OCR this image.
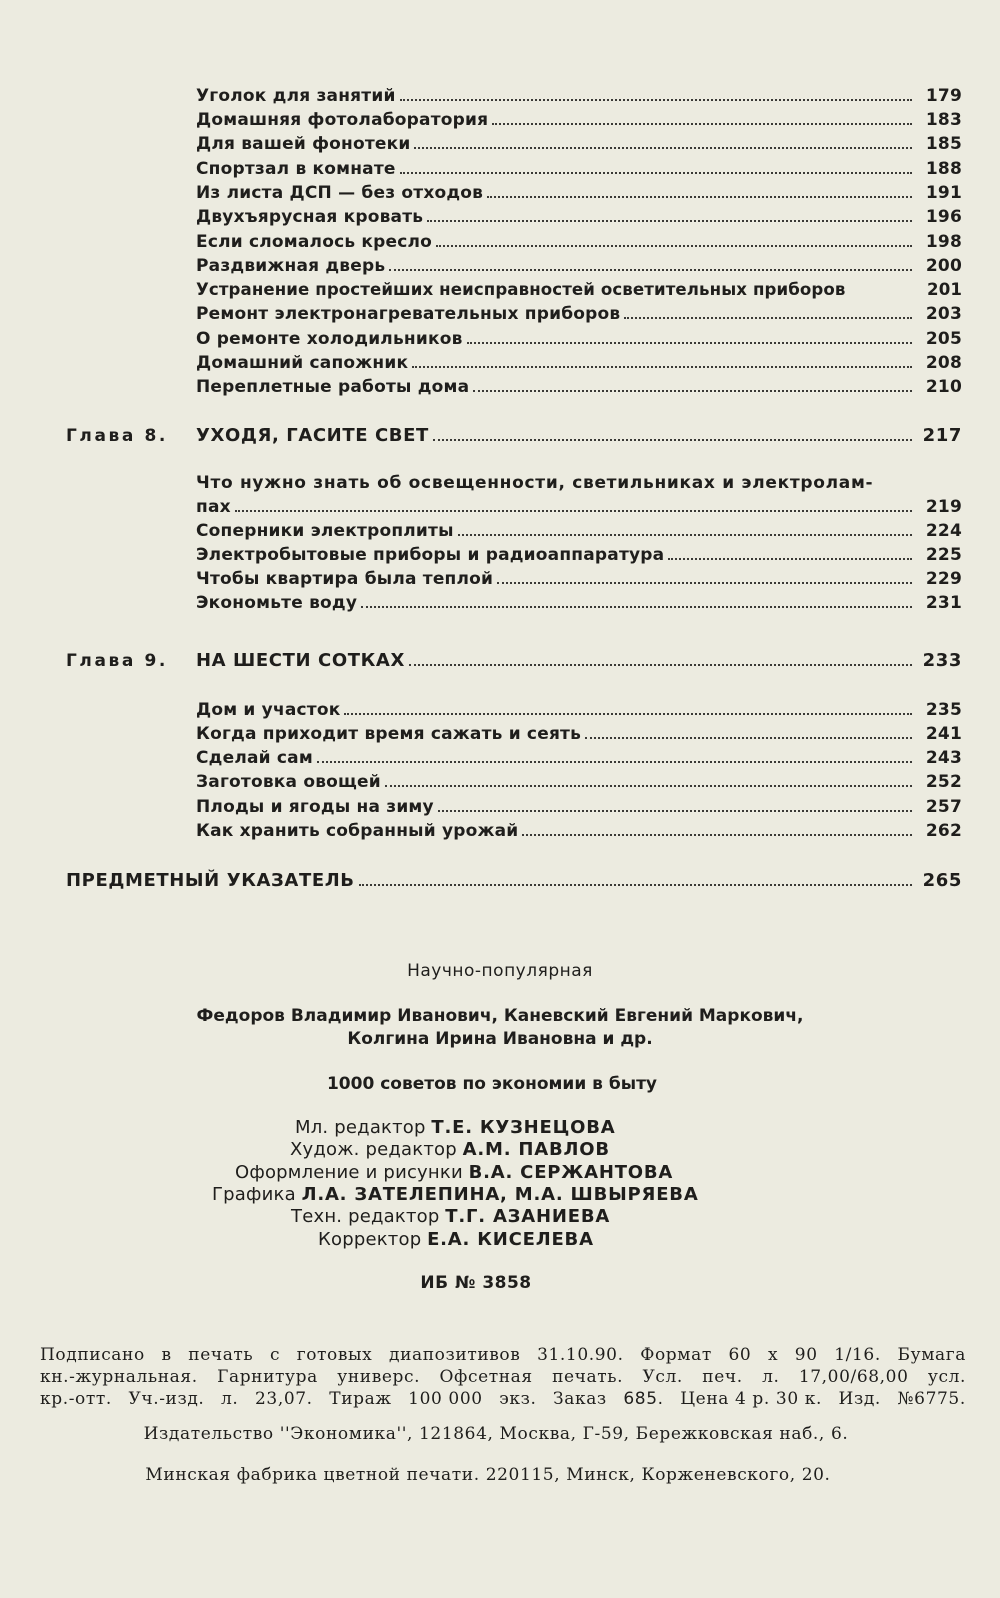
Уголок для занятий	179
Домашняя фотолаборатория	183
Для вашей фонотеки	185
Спортзал в комнате	188
Из листа ДСП — без отходов	191
Двухъярусная кровать	196
Если сломалось кресло	198
Раздвижная дверь	200
Устранение простейших неисправностей осветительных приборов	201
Ремонт электронагревательных приборов	203
О ремонте холодильников	205
Домашний сапожник	208
Переплетные работы дома	210
Глава 8. УХОДЯ, ГАСИТЕ СВЕТ	217
Что нужно знать об освещенности, светильниках и электролам-
пах	219
Соперники электроплиты	224
Электробытовые приборы и радиоаппаратура	225
Чтобы квартира была теплой	229
Экономьте воду	231
Глава 9. НА ШЕСТИ СОТКАХ	233
Дом и участок	235
Когда приходит время сажать и сеять	241
Сделай сам	243
Заготовка овощей	252
Плоды и ягоды на зиму	257
Как хранить собранный урожай	262
ПРЕДМЕТНЫЙ УКАЗАТЕЛЬ	265
Научно-популярная
Федоров Владимир Иванович, Каневский Евгений Маркович,
Колгина Ирина Ивановна и др.
1000 советов по экономии в быту
Мл. редактор Т.Е. КУЗНЕЦОВА
Худож. редактор А.М. ПАВЛОВ
Оформление и рисунки В.А. СЕРЖАНТОВА
Графика Л.А. ЗАТЕЛЕПИНА, М.А. ШВЫРЯЕВА
Техн. редактор Т.Г. АЗАНИЕВА
Корректор Е.А. КИСЕЛЕВА
ИБ № 3858
Подписано в печать с готовых диапозитивов 31.10.90. Формат 60 х 90 1/16. Бумага
кн.-журнальная. Гарнитура универс. Офсетная печать. Усл. печ. л. 17,00/68,00 усл.
кр.-отт. Уч.-изд. л. 23,07. Тираж 100 000 экз. Заказ 685. Цена 4 р. 30 к. Изд. №6775.
Издательство ''Экономика'', 121864, Москва, Г-59, Бережковская наб., 6.
Минская фабрика цветной печати. 220115, Минск, Корженевского, 20.
